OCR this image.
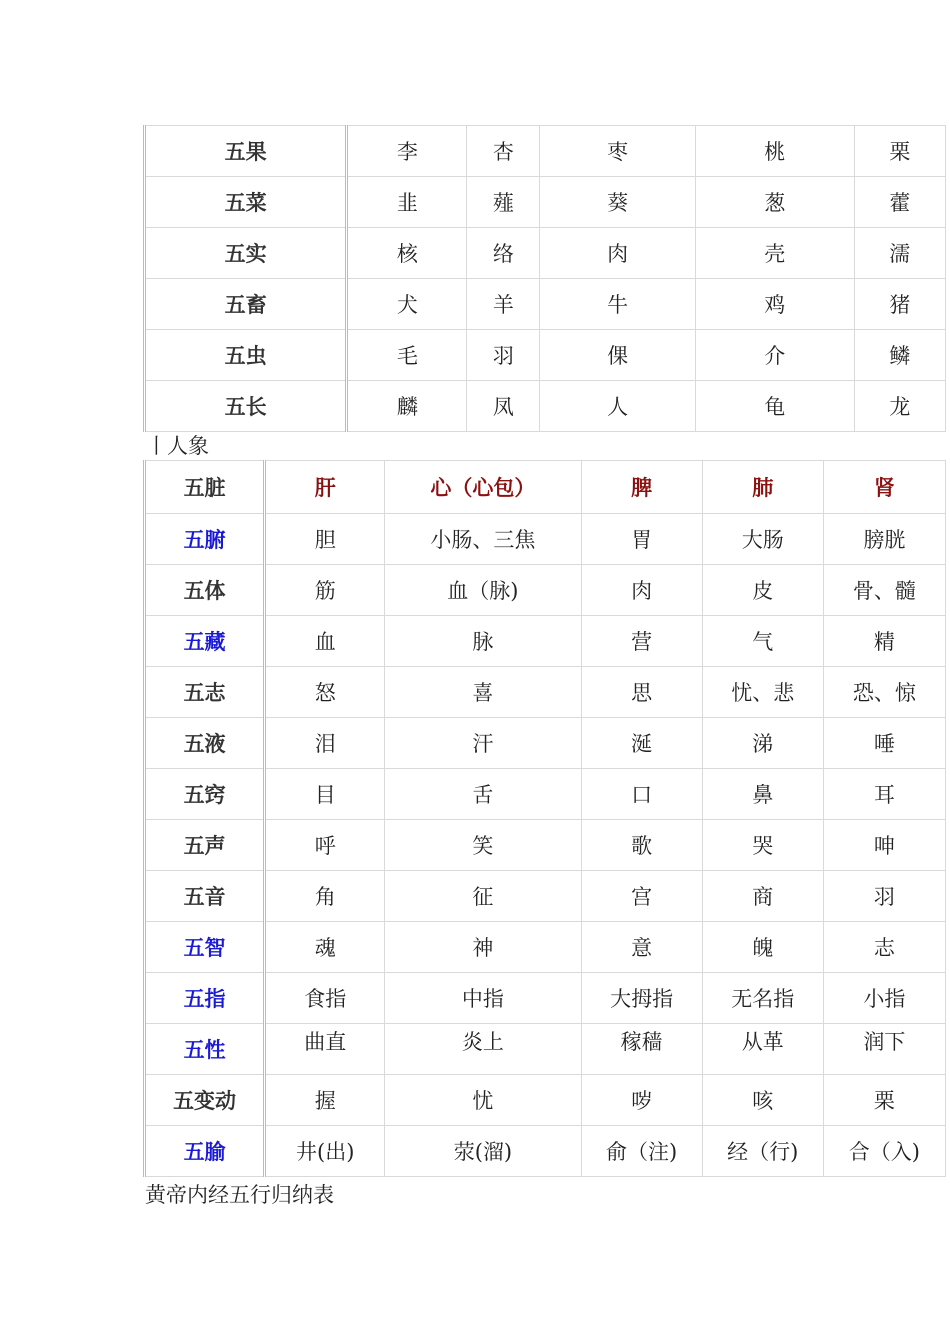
五果	李	杏	枣	桃	栗
五菜	韭	薤	葵	葱	藿
五实	核	络	肉	壳	濡
五畜	犬	羊	牛	鸡	猪
五虫	毛	羽	倮	介	鳞
五长	麟	凤	人	龟	龙
丨人象
五脏	肝	心（心包）	脾	肺	肾
五腑	胆	小肠、三焦	胃	大肠	膀胱
五体	筋	血（脉)	肉	皮	骨、髓
五藏	血	脉	营	气	精
五志	怒	喜	思	忧、悲	恐、惊
五液	泪	汗	涎	涕	唾
五窍	目	舌	口	鼻	耳
五声	呼	笑	歌	哭	呻
五音	角	征	宫	商	羽
五智	魂	神	意	魄	志
五指	食指	中指	大拇指	无名指	小指
五性	曲直	炎上	稼穑	从革	润下
五变动	握	忧	哕	咳	栗
五腧	井(出)	荥(溜)	俞（注)	经（行)	合（入)
黄帝内经五行归纳表
